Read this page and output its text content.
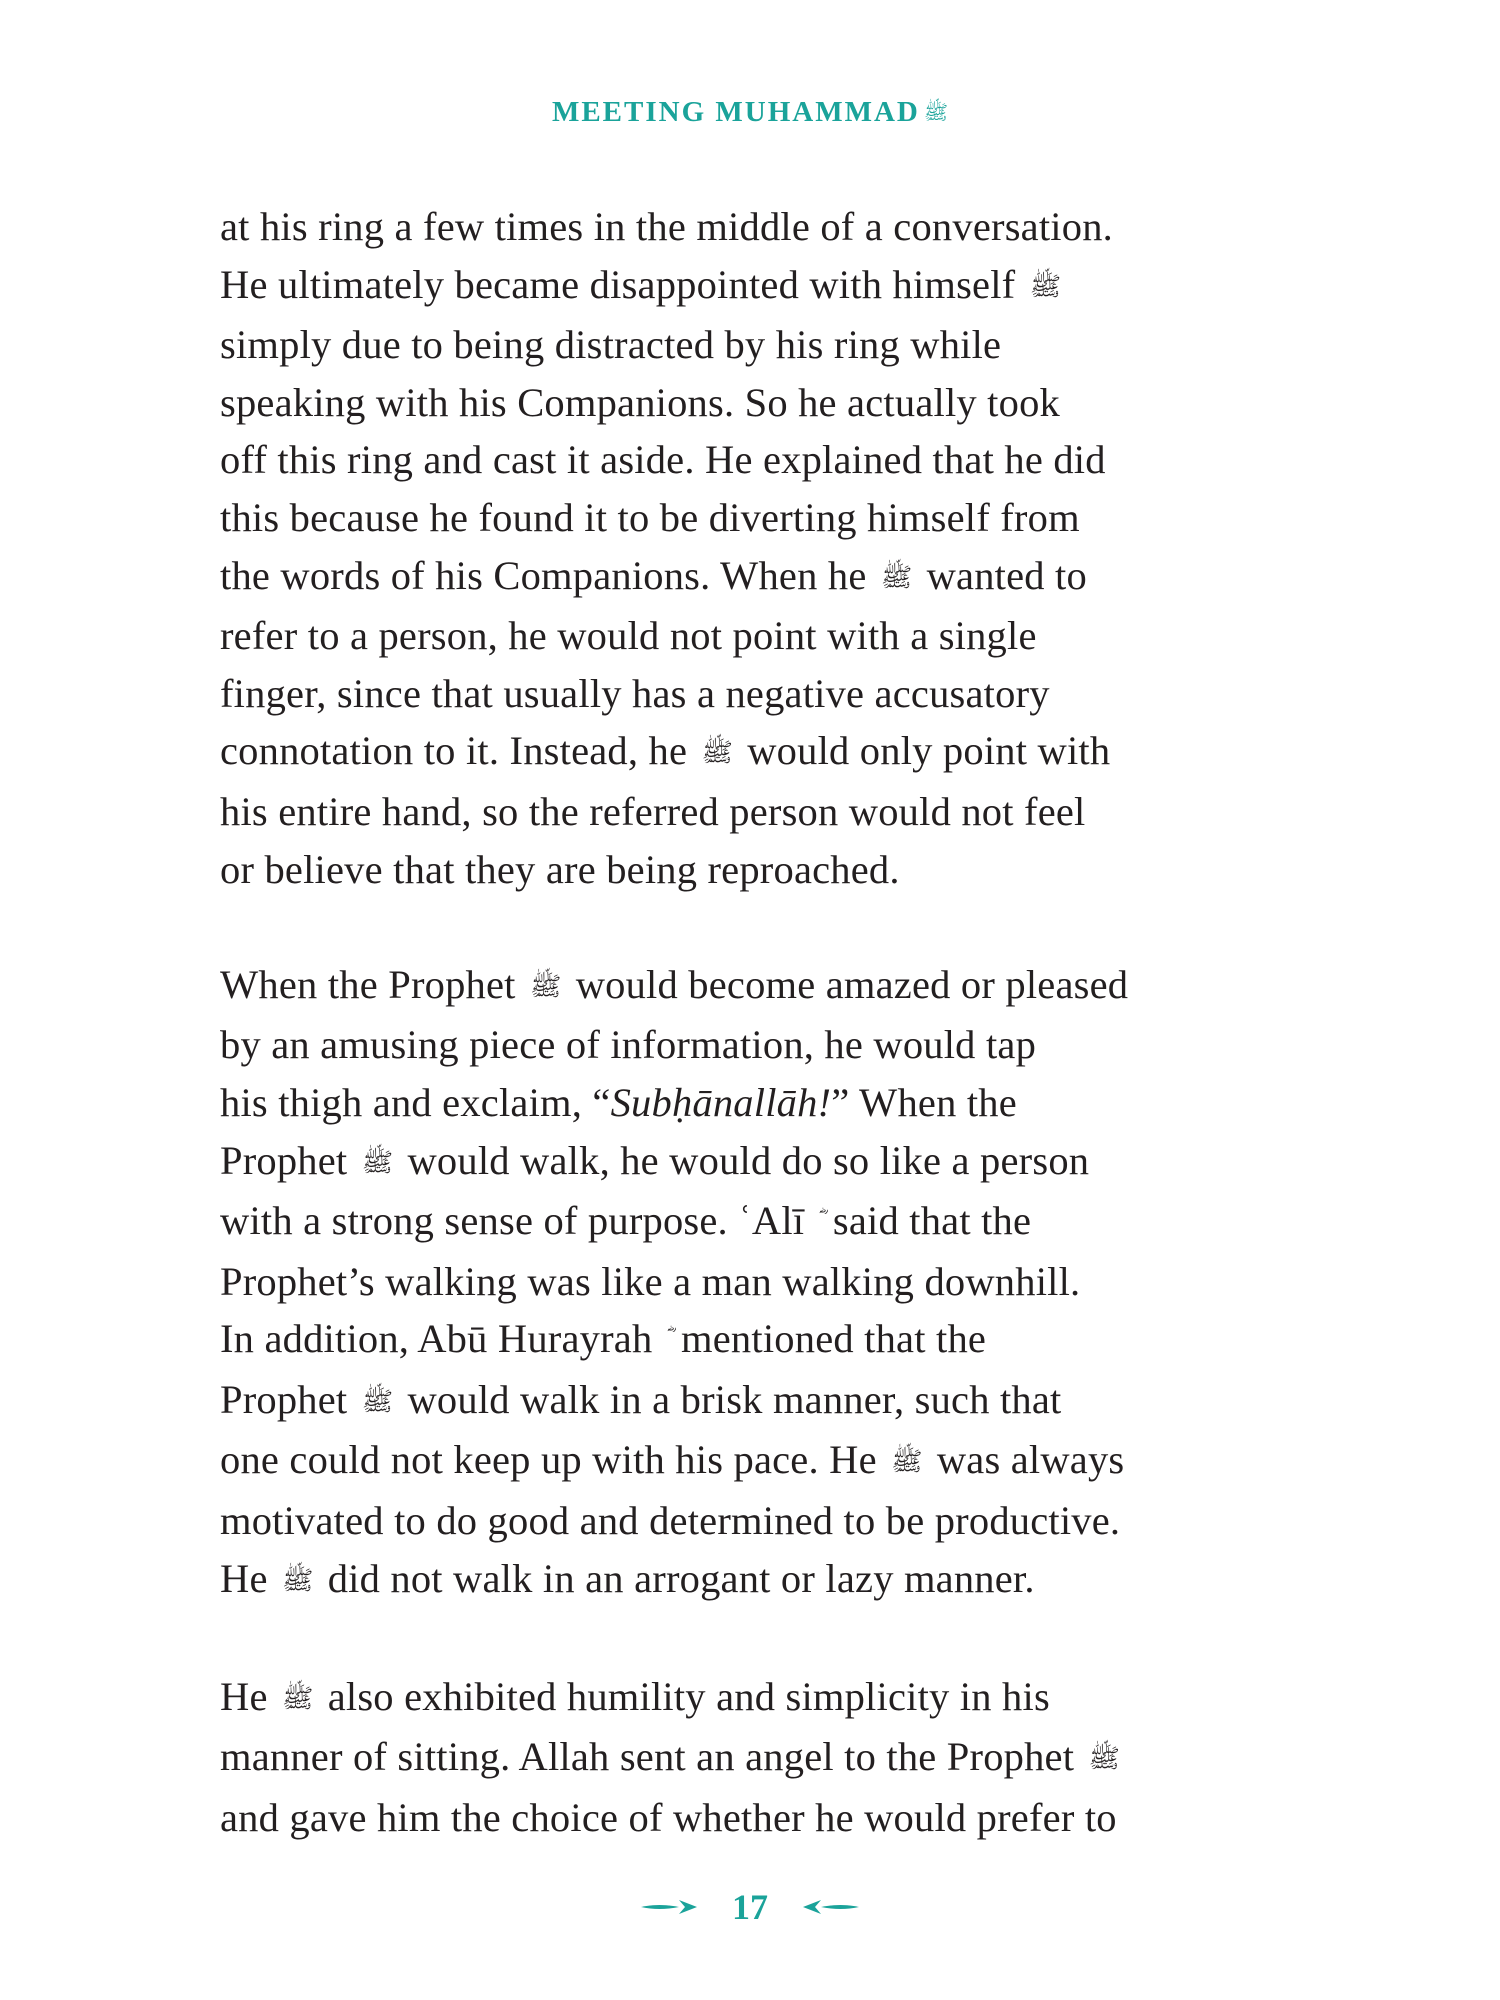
MEETING MUHAMMAD ﷺ
at his ring a few times in the middle of a conversation.
He ultimately became disappointed with himself ﷺ
simply due to being distracted by his ring while
speaking with his Companions. So he actually took
off this ring and cast it aside. He explained that he did
this because he found it to be diverting himself from
the words of his Companions. When he ﷺ wanted to
refer to a person, he would not point with a single
finger, since that usually has a negative accusatory
connotation to it. Instead, he ﷺ would only point with
his entire hand, so the referred person would not feel
or believe that they are being reproached.
When the Prophet ﷺ would become amazed or pleased
by an amusing piece of information, he would tap
his thigh and exclaim, “Subḥānallāh!” When the
Prophet ﷺ would walk, he would do so like a person
with a strong sense of purpose. ʿAlī  said that the
Prophet’s walking was like a man walking downhill.
In addition, Abū Hurayrah  mentioned that the
Prophet ﷺ would walk in a brisk manner, such that
one could not keep up with his pace. He ﷺ was always
motivated to do good and determined to be productive.
He ﷺ did not walk in an arrogant or lazy manner.
He ﷺ also exhibited humility and simplicity in his
manner of sitting. Allah sent an angel to the Prophet ﷺ
and gave him the choice of whether he would prefer to
17
